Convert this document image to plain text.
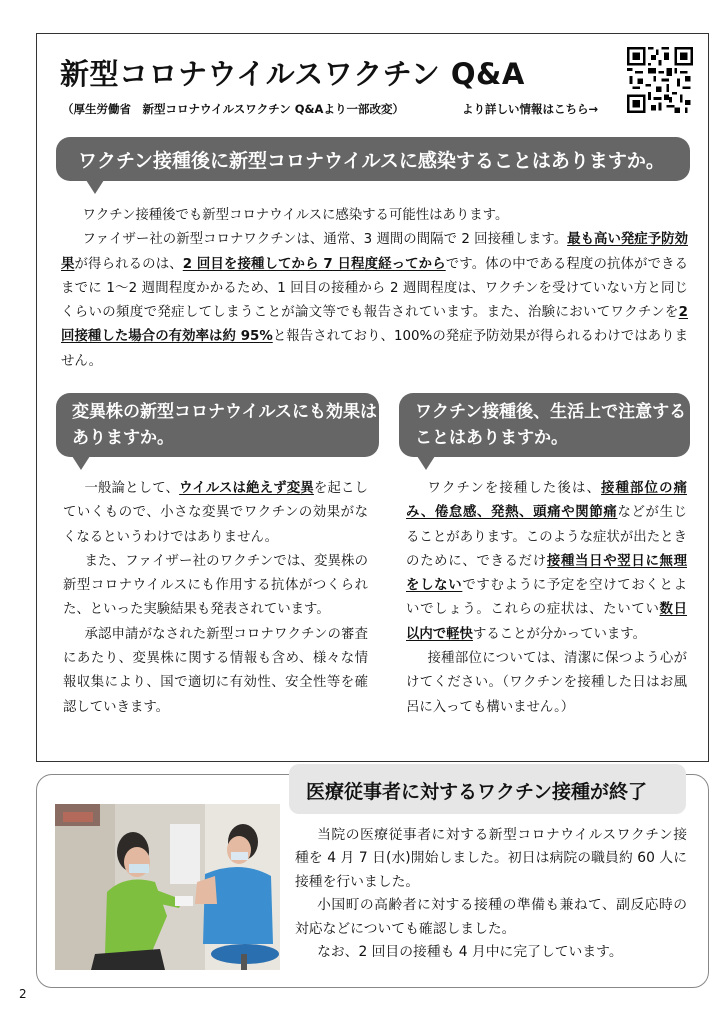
新型コロナウイルスワクチン Q&A
（厚生労働省　新型コロナウイルスワクチン Q&Aより一部改変）	より詳しい情報はこちら→
ワクチン接種後に新型コロナウイルスに感染することはありますか。

ワクチン接種後でも新型コロナウイルスに感染する可能性はあります。

ファイザー社の新型コロナワクチンは、通常、3 週間の間隔で 2 回接種します。最も高い発症予防効果が得られるのは、2 回目を接種してから 7 日程度経ってからです。体の中である程度の抗体ができるまでに 1～2 週間程度かかるため、1 回目の接種から 2 週間程度は、ワクチンを受けていない方と同じくらいの頻度で発症してしまうことが論文等でも報告されています。また、治験においてワクチンを2 回接種した場合の有効率は約 95%と報告されており、100%の発症予防効果が得られるわけではありません。

変異株の新型コロナウイルスにも効果はありますか。

一般論として、ウイルスは絶えず変異を起こしていくもので、小さな変異でワクチンの効果がなくなるというわけではありません。

また、ファイザー社のワクチンでは、変異株の新型コロナウイルスにも作用する抗体がつくられた、といった実験結果も発表されています。

承認申請がなされた新型コロナワクチンの審査にあたり、変異株に関する情報も含め、様々な情報収集により、国で適切に有効性、安全性等を確認していきます。

ワクチン接種後、生活上で注意することはありますか。

ワクチンを接種した後は、接種部位の痛み、倦怠感、発熱、頭痛や関節痛などが生じることがあります。このような症状が出たときのために、できるだけ接種当日や翌日に無理をしないですむように予定を空けておくとよいでしょう。これらの症状は、たいてい数日以内で軽快することが分かっています。

接種部位については、清潔に保つよう心がけてください。（ワクチンを接種した日はお風呂に入っても構いません。）

医療従事者に対するワクチン接種が終了

当院の医療従事者に対する新型コロナウイルスワクチン接種を 4 月 7 日(水)開始しました。初日は病院の職員約 60 人に接種を行いました。

小国町の高齢者に対する接種の準備も兼ねて、副反応時の対応などについても確認しました。

なお、2 回目の接種も 4 月中に完了しています。

2
